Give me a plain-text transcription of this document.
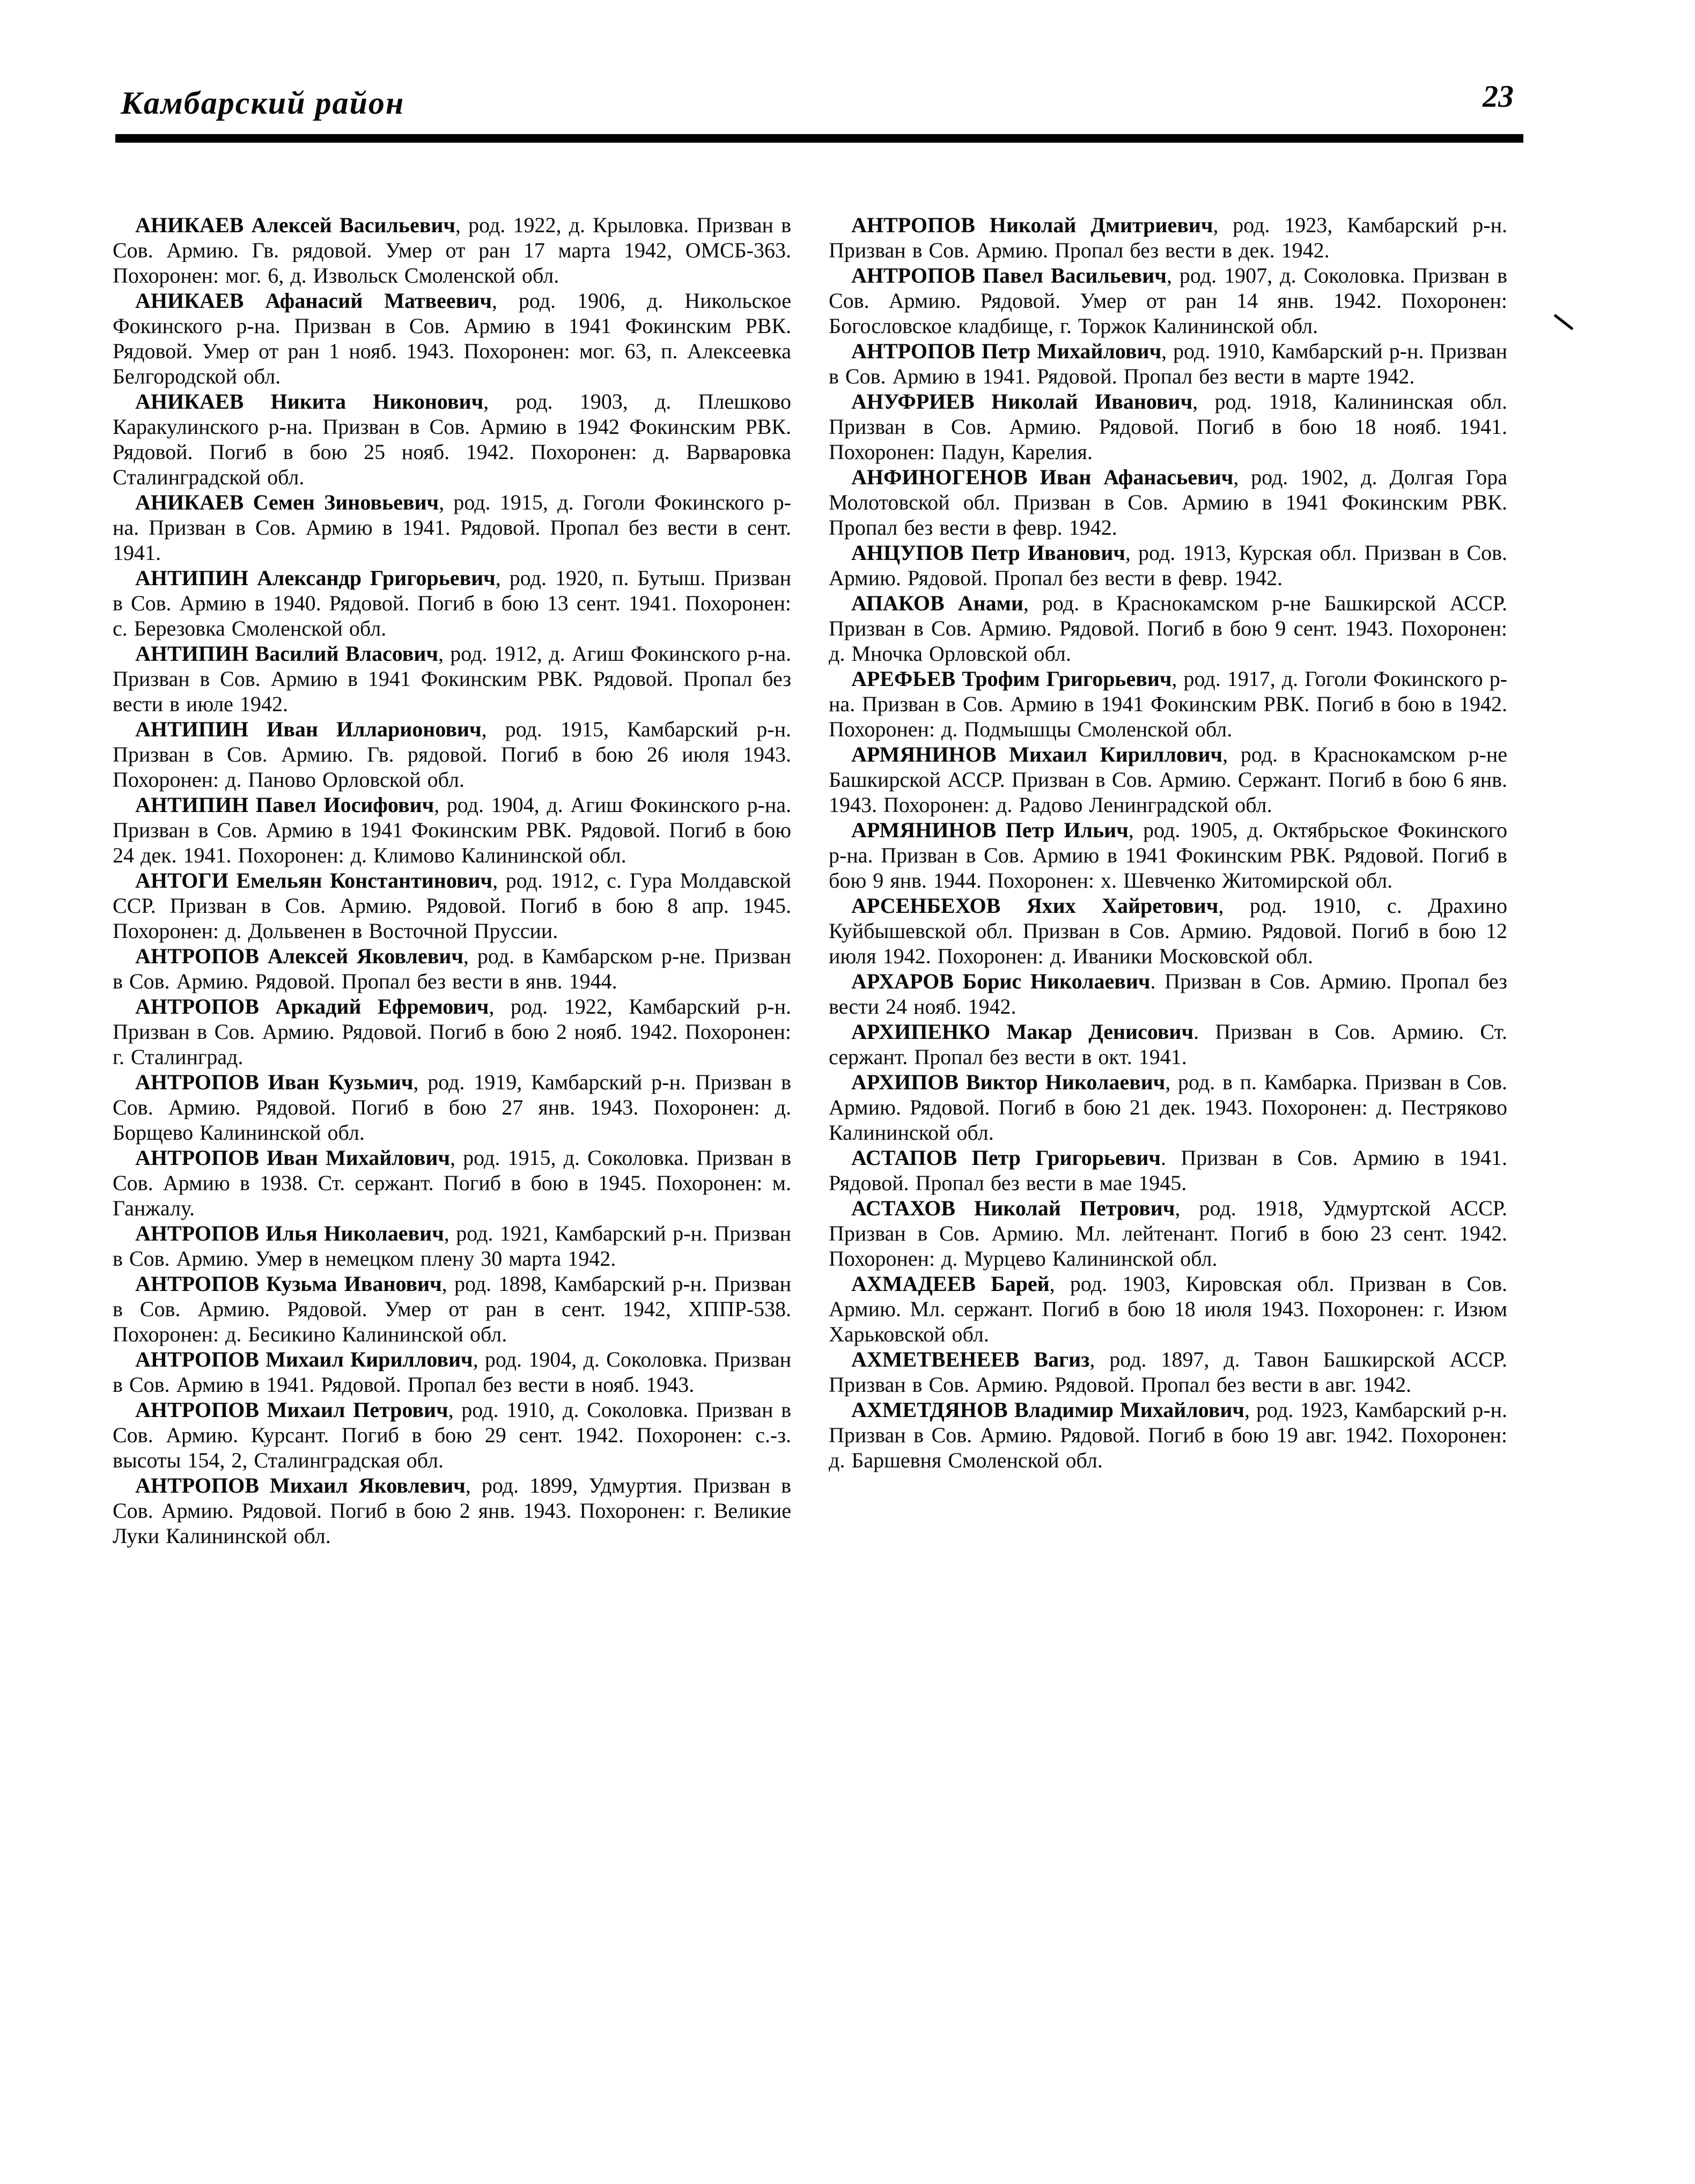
Камбарский район	23

АНИКАЕВ Алексей Васильевич, род. 1922, д. Крыловка. Призван в Сов. Армию. Гв. рядовой. Умер от ран 17 марта 1942, ОМСБ-363. Похоронен: мог. 6, д. Извольск Смоленской обл.

АНИКАЕВ Афанасий Матвеевич, род. 1906, д. Никольское Фокинского р-на. Призван в Сов. Армию в 1941 Фокинским РВК. Рядовой. Умер от ран 1 нояб. 1943. Похоронен: мог. 63, п. Алексеевка Белгородской обл.

АНИКАЕВ Никита Никонович, род. 1903, д. Плешково Каракулинского р-на. Призван в Сов. Армию в 1942 Фокинским РВК. Рядовой. Погиб в бою 25 нояб. 1942. Похоронен: д. Варваровка Сталинградской обл.

АНИКАЕВ Семен Зиновьевич, род. 1915, д. Гоголи Фокинского р-на. Призван в Сов. Армию в 1941. Рядовой. Пропал без вести в сент. 1941.

АНТИПИН Александр Григорьевич, род. 1920, п. Бутыш. Призван в Сов. Армию в 1940. Рядовой. Погиб в бою 13 сент. 1941. Похоронен: с. Березовка Смоленской обл.

АНТИПИН Василий Власович, род. 1912, д. Агиш Фокинского р-на. Призван в Сов. Армию в 1941 Фокинским РВК. Рядовой. Пропал без вести в июле 1942.

АНТИПИН Иван Илларионович, род. 1915, Камбарский р-н. Призван в Сов. Армию. Гв. рядовой. Погиб в бою 26 июля 1943. Похоронен: д. Паново Орловской обл.

АНТИПИН Павел Иосифович, род. 1904, д. Агиш Фокинского р-на. Призван в Сов. Армию в 1941 Фокинским РВК. Рядовой. Погиб в бою 24 дек. 1941. Похоронен: д. Климово Калининской обл.

АНТОГИ Емельян Константинович, род. 1912, с. Гура Молдавской ССР. Призван в Сов. Армию. Рядовой. Погиб в бою 8 апр. 1945. Похоронен: д. Дольвенен в Восточной Пруссии.

АНТРОПОВ Алексей Яковлевич, род. в Камбарском р-не. Призван в Сов. Армию. Рядовой. Пропал без вести в янв. 1944.

АНТРОПОВ Аркадий Ефремович, род. 1922, Камбарский р-н. Призван в Сов. Армию. Рядовой. Погиб в бою 2 нояб. 1942. Похоронен: г. Сталинград.

АНТРОПОВ Иван Кузьмич, род. 1919, Камбарский р-н. Призван в Сов. Армию. Рядовой. Погиб в бою 27 янв. 1943. Похоронен: д. Борщево Калининской обл.

АНТРОПОВ Иван Михайлович, род. 1915, д. Соколовка. Призван в Сов. Армию в 1938. Ст. сержант. Погиб в бою в 1945. Похоронен: м. Ганжалу.

АНТРОПОВ Илья Николаевич, род. 1921, Камбарский р-н. Призван в Сов. Армию. Умер в немецком плену 30 марта 1942.

АНТРОПОВ Кузьма Иванович, род. 1898, Камбарский р-н. Призван в Сов. Армию. Рядовой. Умер от ран в сент. 1942, ХППР-538. Похоронен: д. Бесикино Калининской обл.

АНТРОПОВ Михаил Кириллович, род. 1904, д. Соколовка. Призван в Сов. Армию в 1941. Рядовой. Пропал без вести в нояб. 1943.

АНТРОПОВ Михаил Петрович, род. 1910, д. Соколовка. Призван в Сов. Армию. Курсант. Погиб в бою 29 сент. 1942. Похоронен: с.-з. высоты 154, 2, Сталинградская обл.

АНТРОПОВ Михаил Яковлевич, род. 1899, Удмуртия. Призван в Сов. Армию. Рядовой. Погиб в бою 2 янв. 1943. Похоронен: г. Великие Луки Калининской обл.

АНТРОПОВ Николай Дмитриевич, род. 1923, Камбарский р-н. Призван в Сов. Армию. Пропал без вести в дек. 1942.

АНТРОПОВ Павел Васильевич, род. 1907, д. Соколовка. Призван в Сов. Армию. Рядовой. Умер от ран 14 янв. 1942. Похоронен: Богословское кладбище, г. Торжок Калининской обл.

АНТРОПОВ Петр Михайлович, род. 1910, Камбарский р-н. Призван в Сов. Армию в 1941. Рядовой. Пропал без вести в марте 1942.

АНУФРИЕВ Николай Иванович, род. 1918, Калининская обл. Призван в Сов. Армию. Рядовой. Погиб в бою 18 нояб. 1941. Похоронен: Падун, Карелия.

АНФИНОГЕНОВ Иван Афанасьевич, род. 1902, д. Долгая Гора Молотовской обл. Призван в Сов. Армию в 1941 Фокинским РВК. Пропал без вести в февр. 1942.

АНЦУПОВ Петр Иванович, род. 1913, Курская обл. Призван в Сов. Армию. Рядовой. Пропал без вести в февр. 1942.

АПАКОВ Анами, род. в Краснокамском р-не Башкирской АССР. Призван в Сов. Армию. Рядовой. Погиб в бою 9 сент. 1943. Похоронен: д. Мночка Орловской обл.

АРЕФЬЕВ Трофим Григорьевич, род. 1917, д. Гоголи Фокинского р-на. Призван в Сов. Армию в 1941 Фокинским РВК. Погиб в бою в 1942. Похоронен: д. Подмышцы Смоленской обл.

АРМЯНИНОВ Михаил Кириллович, род. в Краснокамском р-не Башкирской АССР. Призван в Сов. Армию. Сержант. Погиб в бою 6 янв. 1943. Похоронен: д. Радово Ленинградской обл.

АРМЯНИНОВ Петр Ильич, род. 1905, д. Октябрьское Фокинского р-на. Призван в Сов. Армию в 1941 Фокинским РВК. Рядовой. Погиб в бою 9 янв. 1944. Похоронен: х. Шевченко Житомирской обл.

АРСЕНБЕХОВ Яхих Хайретович, род. 1910, с. Драхино Куйбышевской обл. Призван в Сов. Армию. Рядовой. Погиб в бою 12 июля 1942. Похоронен: д. Иваники Московской обл.

АРХАРОВ Борис Николаевич. Призван в Сов. Армию. Пропал без вести 24 нояб. 1942.

АРХИПЕНКО Макар Денисович. Призван в Сов. Армию. Ст. сержант. Пропал без вести в окт. 1941.

АРХИПОВ Виктор Николаевич, род. в п. Камбарка. Призван в Сов. Армию. Рядовой. Погиб в бою 21 дек. 1943. Похоронен: д. Пестряково Калининской обл.

АСТАПОВ Петр Григорьевич. Призван в Сов. Армию в 1941. Рядовой. Пропал без вести в мае 1945.

АСТАХОВ Николай Петрович, род. 1918, Удмуртской АССР. Призван в Сов. Армию. Мл. лейтенант. Погиб в бою 23 сент. 1942. Похоронен: д. Мурцево Калининской обл.

АХМАДЕЕВ Барей, род. 1903, Кировская обл. Призван в Сов. Армию. Мл. сержант. Погиб в бою 18 июля 1943. Похоронен: г. Изюм Харьковской обл.

АХМЕТВЕНЕЕВ Вагиз, род. 1897, д. Тавон Башкирской АССР. Призван в Сов. Армию. Рядовой. Пропал без вести в авг. 1942.

АХМЕТДЯНОВ Владимир Михайлович, род. 1923, Камбарский р-н. Призван в Сов. Армию. Рядовой. Погиб в бою 19 авг. 1942. Похоронен: д. Баршевня Смоленской обл.
